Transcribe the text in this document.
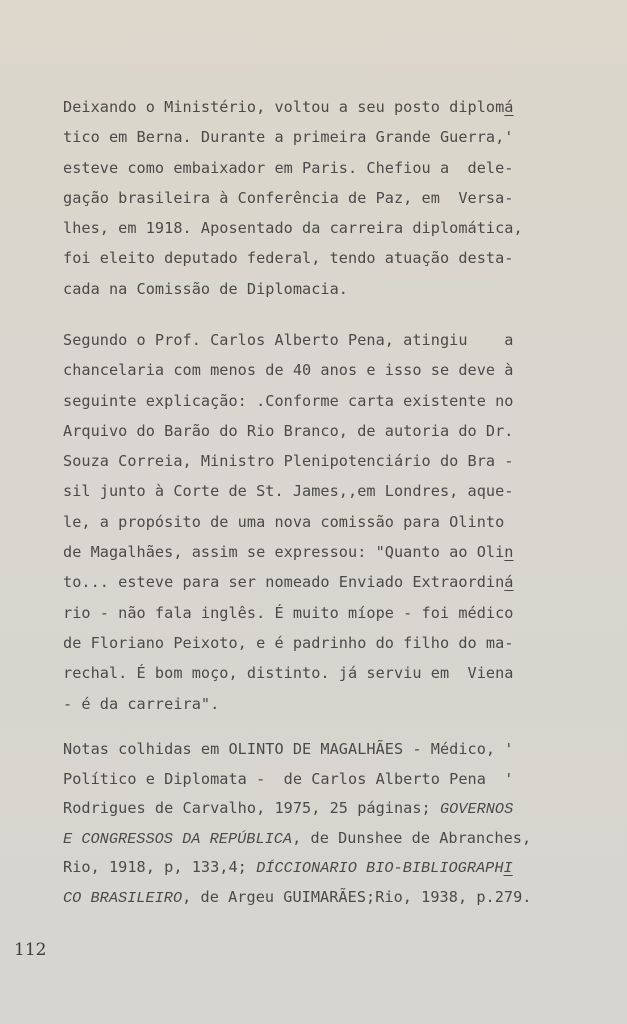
Deixando o Ministério, voltou a seu posto diplomá
tico em Berna. Durante a primeira Grande Guerra,'
esteve como embaixador em Paris. Chefiou a  dele-
gação brasileira à Conferência de Paz, em  Versa-
lhes, em 1918. Aposentado da carreira diplomática,
foi eleito deputado federal, tendo atuação desta-
cada na Comissão de Diplomacia.
Segundo o Prof. Carlos Alberto Pena, atingiu    a
chancelaria com menos de 40 anos e isso se deve à
seguinte explicação: .Conforme carta existente no
Arquivo do Barão do Rio Branco, de autoria do Dr.
Souza Correia, Ministro Plenipotenciário do Bra -
sil junto à Corte de St. James,,em Londres, aque-
le, a propósito de uma nova comissão para Olinto
de Magalhães, assim se expressou: "Quanto ao Olin
to... esteve para ser nomeado Enviado Extraordiná
rio - não fala inglês. É muito míope - foi médico
de Floriano Peixoto, e é padrinho do filho do ma-
rechal. É bom moço, distinto. já serviu em  Viena
- é da carreira".
Notas colhidas em OLINTO DE MAGALHÃES - Médico, '
Político e Diplomata -  de Carlos Alberto Pena  '
Rodrigues de Carvalho, 1975, 25 páginas; GOVERNOS
E CONGRESSOS DA REPÚBLICA, de Dunshee de Abranches,
Rio, 1918, p, 133,4; DÍCCIONARIO BIO-BIBLIOGRAPHI
CO BRASILEIRO, de Argeu GUIMARÃES;Rio, 1938, p.279.
112
